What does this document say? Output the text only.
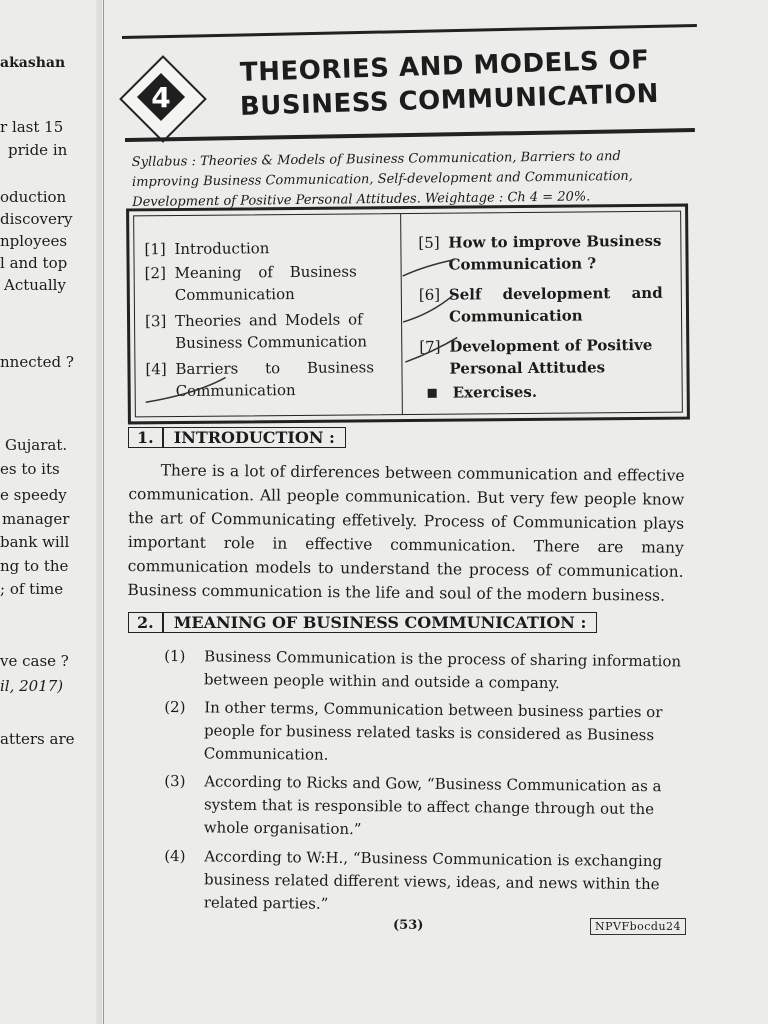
akashan
r last 15
pride in
oduction
discovery
nployees
l and top
Actually
nnected ?
Gujarat.
es to its
e speedy
manager
bank will
ng to the
; of time
ve case ?
il, 2017)
atters are
4
THEORIES AND MODELS OF
BUSINESS COMMUNICATION
Syllabus : Theories & Models of Business Communication, Barriers to and improving Business Communication, Self-development and Communication, Development of Positive Personal Attitudes. Weightage : Ch 4 = 20%.
[1] Introduction
[2] Meaning of Business
Communication
[3] Theories and Models of
Business Communication
[4] Barriers to Business
Communication
[5] How to improve Business
Communication ?
[6] Self development and
Communication
[7] Development of Positive
Personal Attitudes
Exercises.
1. INTRODUCTION :
There is a lot of dirferences between communication and effective communication. All people communication. But very few people know the art of Communicating effetively. Process of Communication plays important role in effective communication. There are many communication models to understand the process of communication. Business communication is the life and soul of the modern business.
2. MEANING OF BUSINESS COMMUNICATION :
(1) Business Communication is the process of sharing information between people within and outside a company.
(2) In other terms, Communication between business parties or people for business related tasks is considered as Business Communication.
(3) According to Ricks and Gow, “Business Communication as a system that is responsible to affect change through out the whole organisation.”
(4) According to W:H., “Business Communication is exchanging business related different views, ideas, and news within the related parties.”
(53)	NPVFbocdu24
